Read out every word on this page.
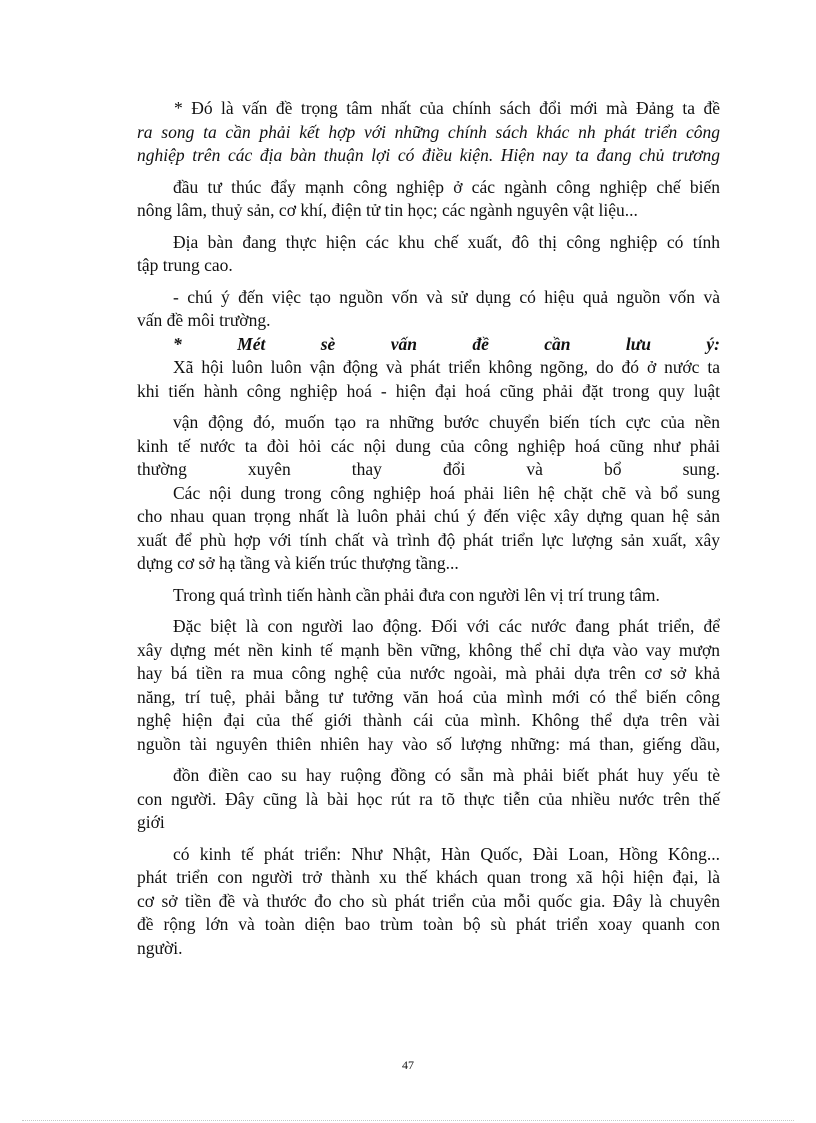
* Đó là vấn đề trọng tâm nhất của chính sách đổi mới mà Đảng ta đề
ra song ta cần phải kết hợp với những chính sách khác nh phát triển công
nghiệp trên các địa bàn thuận lợi có điều kiện. Hiện nay ta đang chủ trương
đầu tư thúc đẩy mạnh công nghiệp ở các ngành công nghiệp chế biến
nông lâm, thuỷ sản, cơ khí, điện tử tin học; các ngành nguyên vật liệu...
Địa bàn đang thực hiện các khu chế xuất, đô thị công nghiệp có tính
tập trung cao.
- chú ý đến việc tạo nguồn vốn và sử dụng có hiệu quả nguồn vốn và
vấn đề môi trường.
* Mét sè vấn đề cần lưu ý:
Xã hội luôn luôn vận động và phát triển không ngõng, do đó ở nước ta
khi tiến hành công nghiệp hoá - hiện đại hoá cũng phải đặt trong quy luật
vận động đó, muốn tạo ra những bước chuyển biến tích cực của nền
kinh tế nước ta đòi hỏi các nội dung của công nghiệp hoá cũng như phải
thường xuyên thay đổi và bổ sung.
Các nội dung trong công nghiệp hoá phải liên hệ chặt chẽ và bổ sung
cho nhau quan trọng nhất là luôn phải chú ý đến việc xây dựng quan hệ sản
xuất để phù hợp với tính chất và trình độ phát triển lực lượng sản xuất, xây
dựng cơ sở hạ tầng và kiến trúc thượng tầng...
Trong quá trình tiến hành cần phải đưa con người lên vị trí trung tâm.
Đặc biệt là con người lao động. Đối với các nước đang phát triển, để
xây dựng mét nền kinh tế mạnh bền vững, không thể chỉ dựa vào vay mượn
hay bá tiền ra mua công nghệ của nước ngoài, mà phải dựa trên cơ sở khả
năng, trí tuệ, phải bằng tư tưởng văn hoá của mình mới có thể biến công
nghệ hiện đại của thế giới thành cái của mình. Không thể dựa trên vài
nguồn tài nguyên thiên nhiên hay vào số lượng những: má than, giếng dầu,
đồn điền cao su hay ruộng đồng có sẵn mà phải biết phát huy yếu tè
con người. Đây cũng là bài học rút ra tõ thực tiễn của nhiều nước trên thế
giới
có kinh tế phát triển: Như Nhật, Hàn Quốc, Đài Loan, Hồng Kông...
phát triển con người trở thành xu thế khách quan trong xã hội hiện đại, là
cơ sở tiền đề và thước đo cho sù phát triển của mỗi quốc gia. Đây là chuyên
đề rộng lớn và toàn diện bao trùm toàn bộ sù phát triển xoay quanh con
người.
47
